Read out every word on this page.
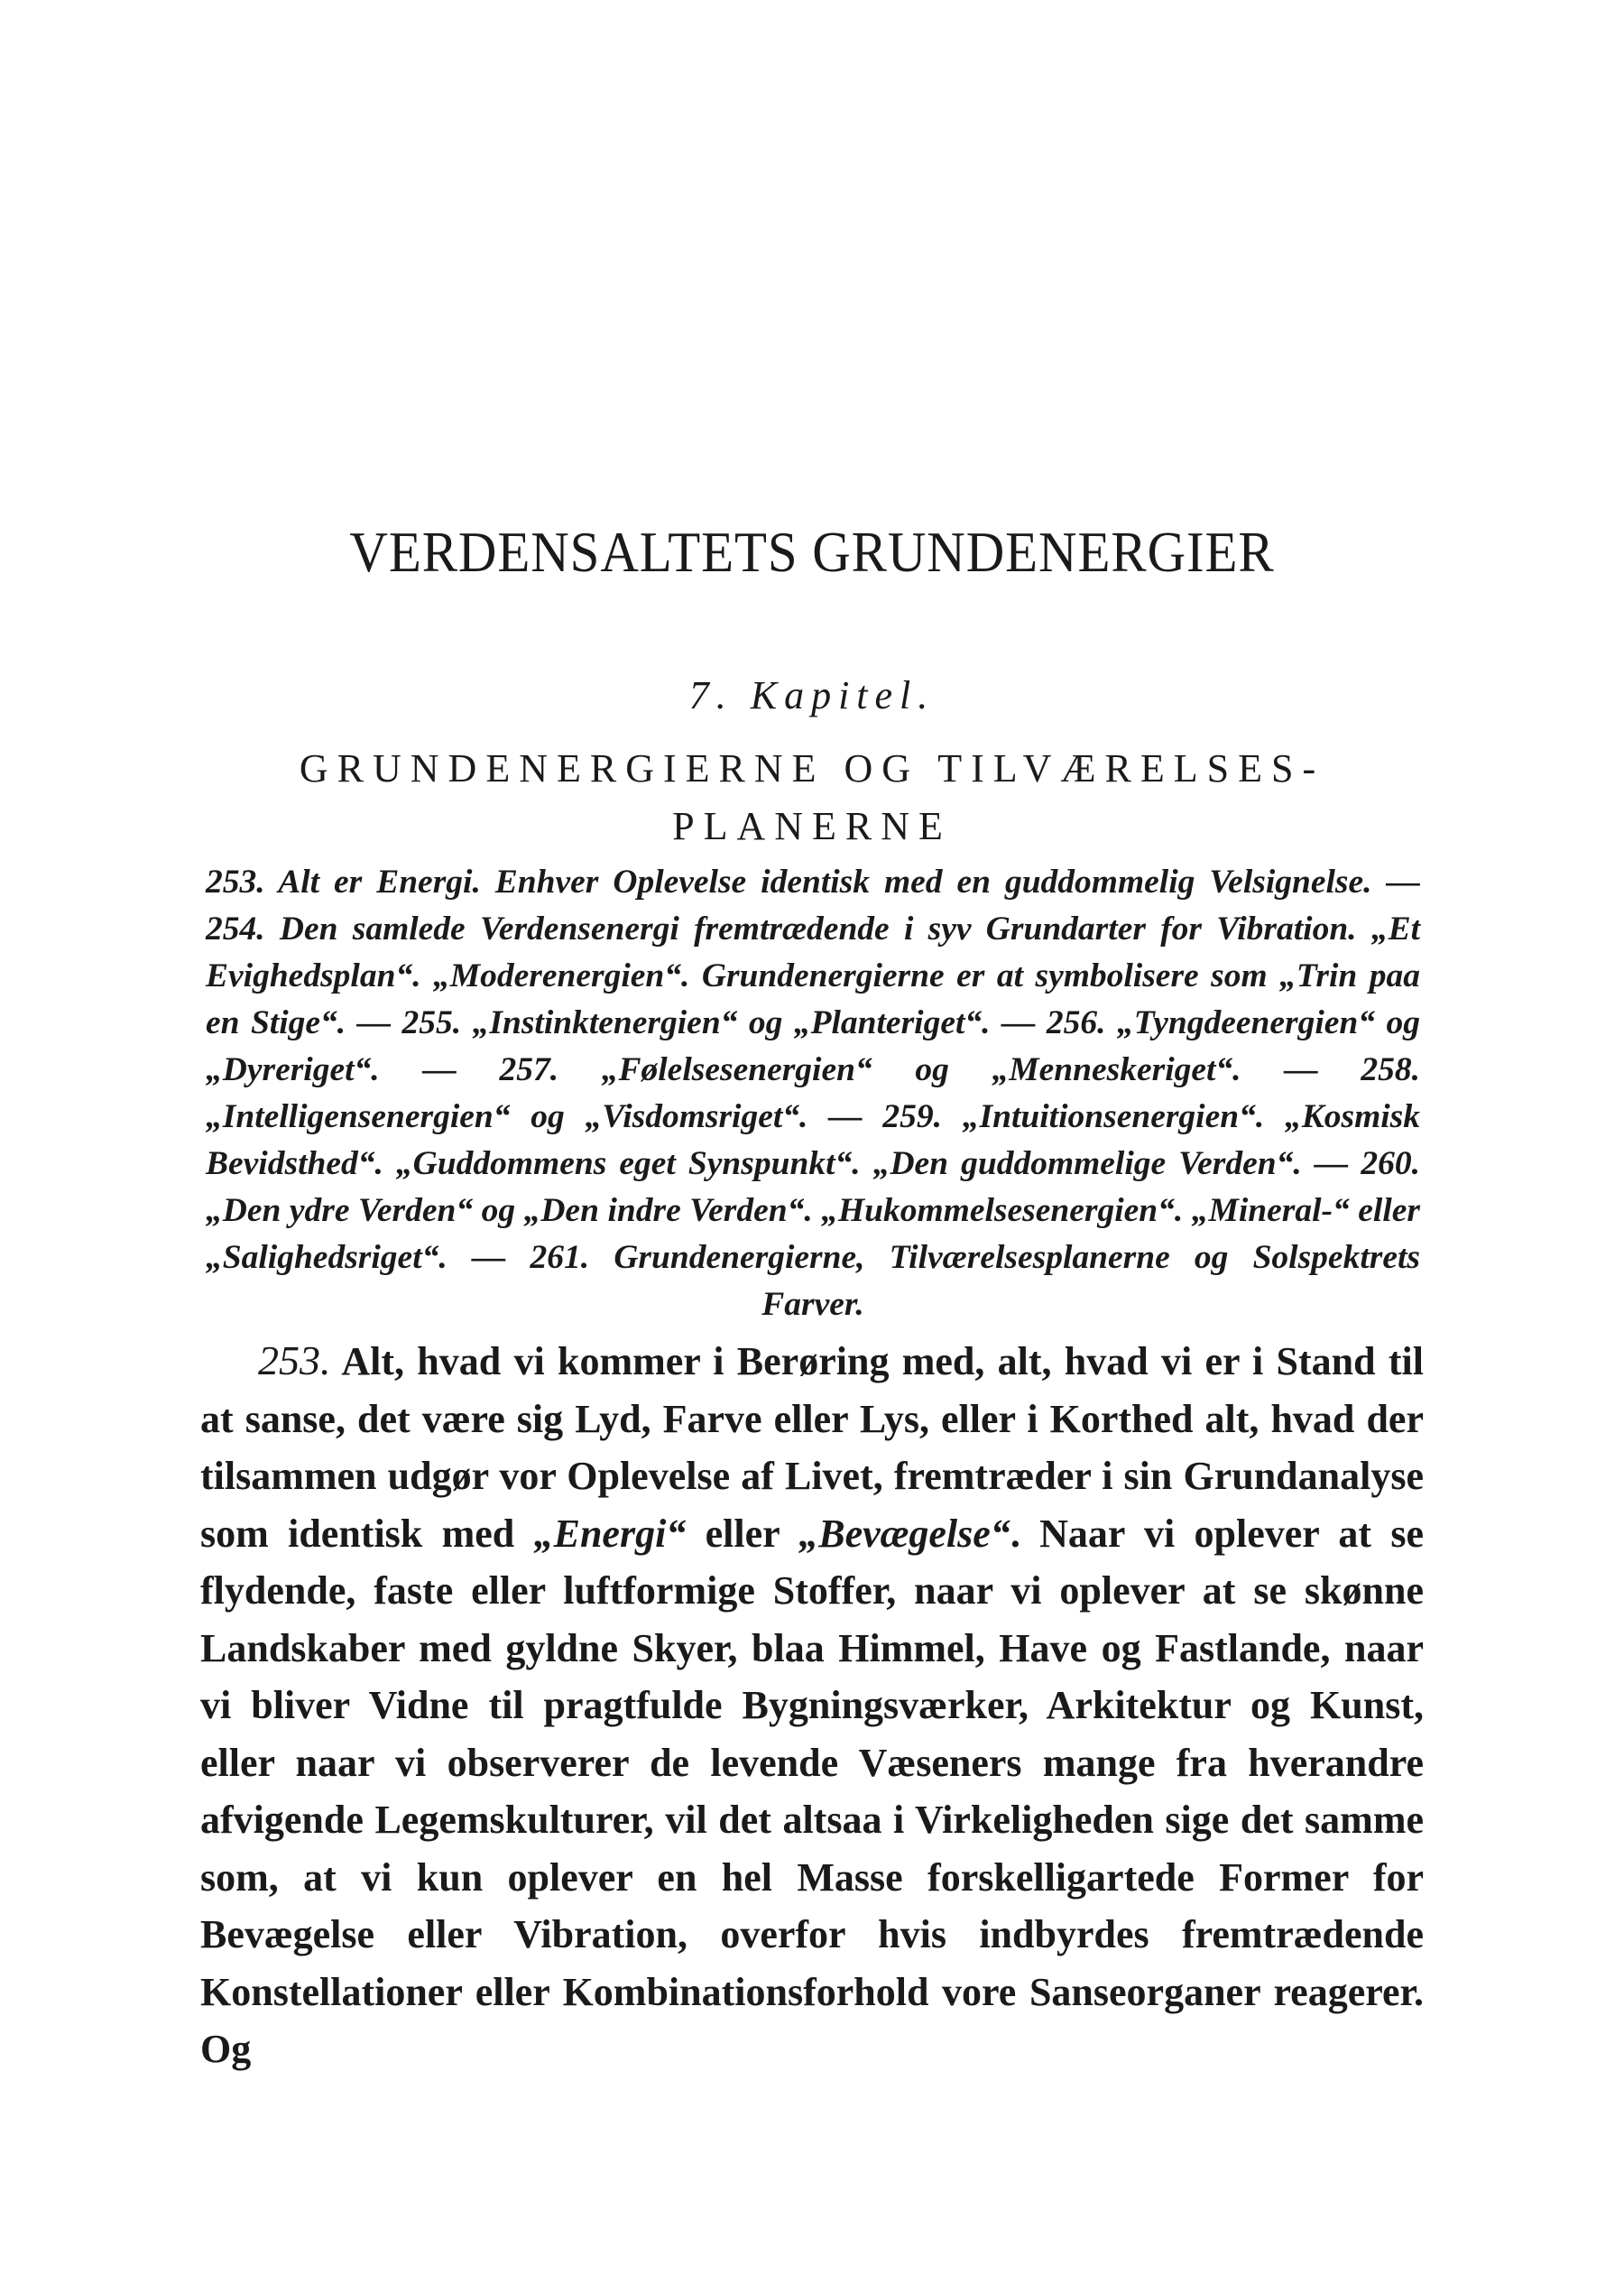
VERDENSALTETS GRUNDENERGIER
7. Kapitel.
GRUNDENERGIERNE OG TILVÆRELSES-
PLANERNE

253. Alt er Energi. Enhver Oplevelse identisk med en guddommelig Velsignelse. — 254. Den samlede Verdensenergi fremtrædende i syv Grundarter for Vibration. „Et Evighedsplan“. „Moderenergien“. Grundenergierne er at symbolisere som „Trin paa en Stige“. — 255. „Instinktenergien“ og „Planteriget“. — 256. „Tyngdeenergien“ og „Dyreriget“. — 257. „Følelsesenergien“ og „Menneskeriget“. — 258. „Intelligensenergien“ og „Visdomsriget“. — 259. „Intuitionsenergien“. „Kosmisk Bevidsthed“. „Guddommens eget Synspunkt“. „Den guddommelige Verden“. — 260. „Den ydre Verden“ og „Den indre Verden“. „Hukommelsesenergien“. „Mineral-“ eller „Salighedsriget“. — 261. Grundenergierne, Tilværelsesplanerne og Solspektrets Farver.

253. Alt, hvad vi kommer i Berøring med, alt, hvad vi er i Stand til at sanse, det være sig Lyd, Farve eller Lys, eller i Korthed alt, hvad der tilsammen udgør vor Oplevelse af Livet, fremtræder i sin Grundanalyse som identisk med „Energi“ eller „Bevægelse“. Naar vi oplever at se flydende, faste eller luftformige Stoffer, naar vi oplever at se skønne Landskaber med gyldne Skyer, blaa Himmel, Have og Fastlande, naar vi bliver Vidne til pragtfulde Bygningsværker, Arkitektur og Kunst, eller naar vi observerer de levende Væseners mange fra hverandre afvigende Legemskulturer, vil det altsaa i Virkeligheden sige det samme som, at vi kun oplever en hel Masse forskelligartede Former for Bevægelse eller Vibration, overfor hvis indbyrdes fremtrædende Konstellationer eller Kombinationsforhold vore Sanseorganer reagerer. Og
